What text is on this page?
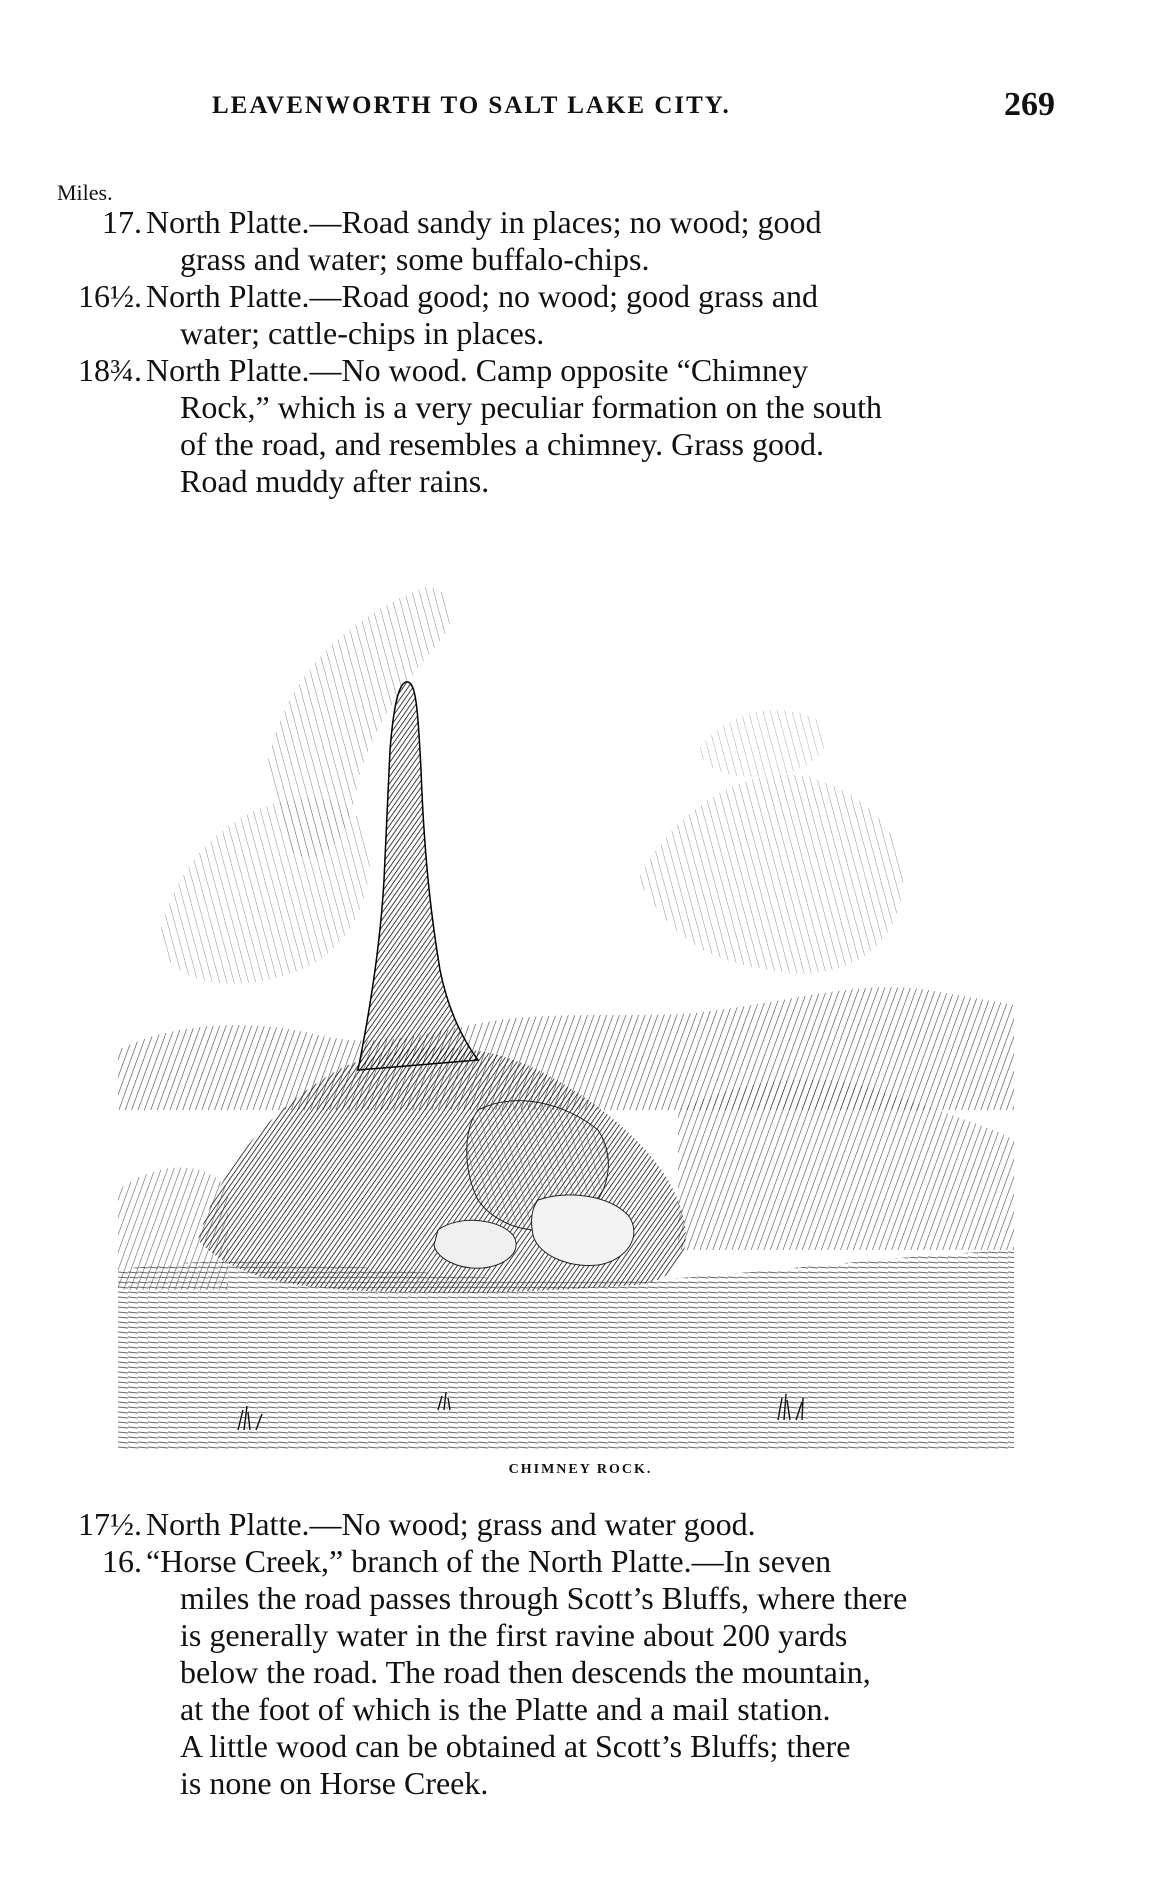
LEAVENWORTH TO SALT LAKE CITY.	269
Miles.
17. North Platte.—Road sandy in places; no wood; good
grass and water; some buffalo-chips.
16½. North Platte.—Road good; no wood; good grass and
water; cattle-chips in places.
18¾. North Platte.—No wood. Camp opposite “Chimney
Rock,” which is a very peculiar formation on the south
of the road, and resembles a chimney. Grass good.
Road muddy after rains.
CHIMNEY ROCK.
17½. North Platte.—No wood; grass and water good.
16. “Horse Creek,” branch of the North Platte.—In seven
miles the road passes through Scott’s Bluffs, where there
is generally water in the first ravine about 200 yards
below the road. The road then descends the mountain,
at the foot of which is the Platte and a mail station.
A little wood can be obtained at Scott’s Bluffs; there
is none on Horse Creek.
